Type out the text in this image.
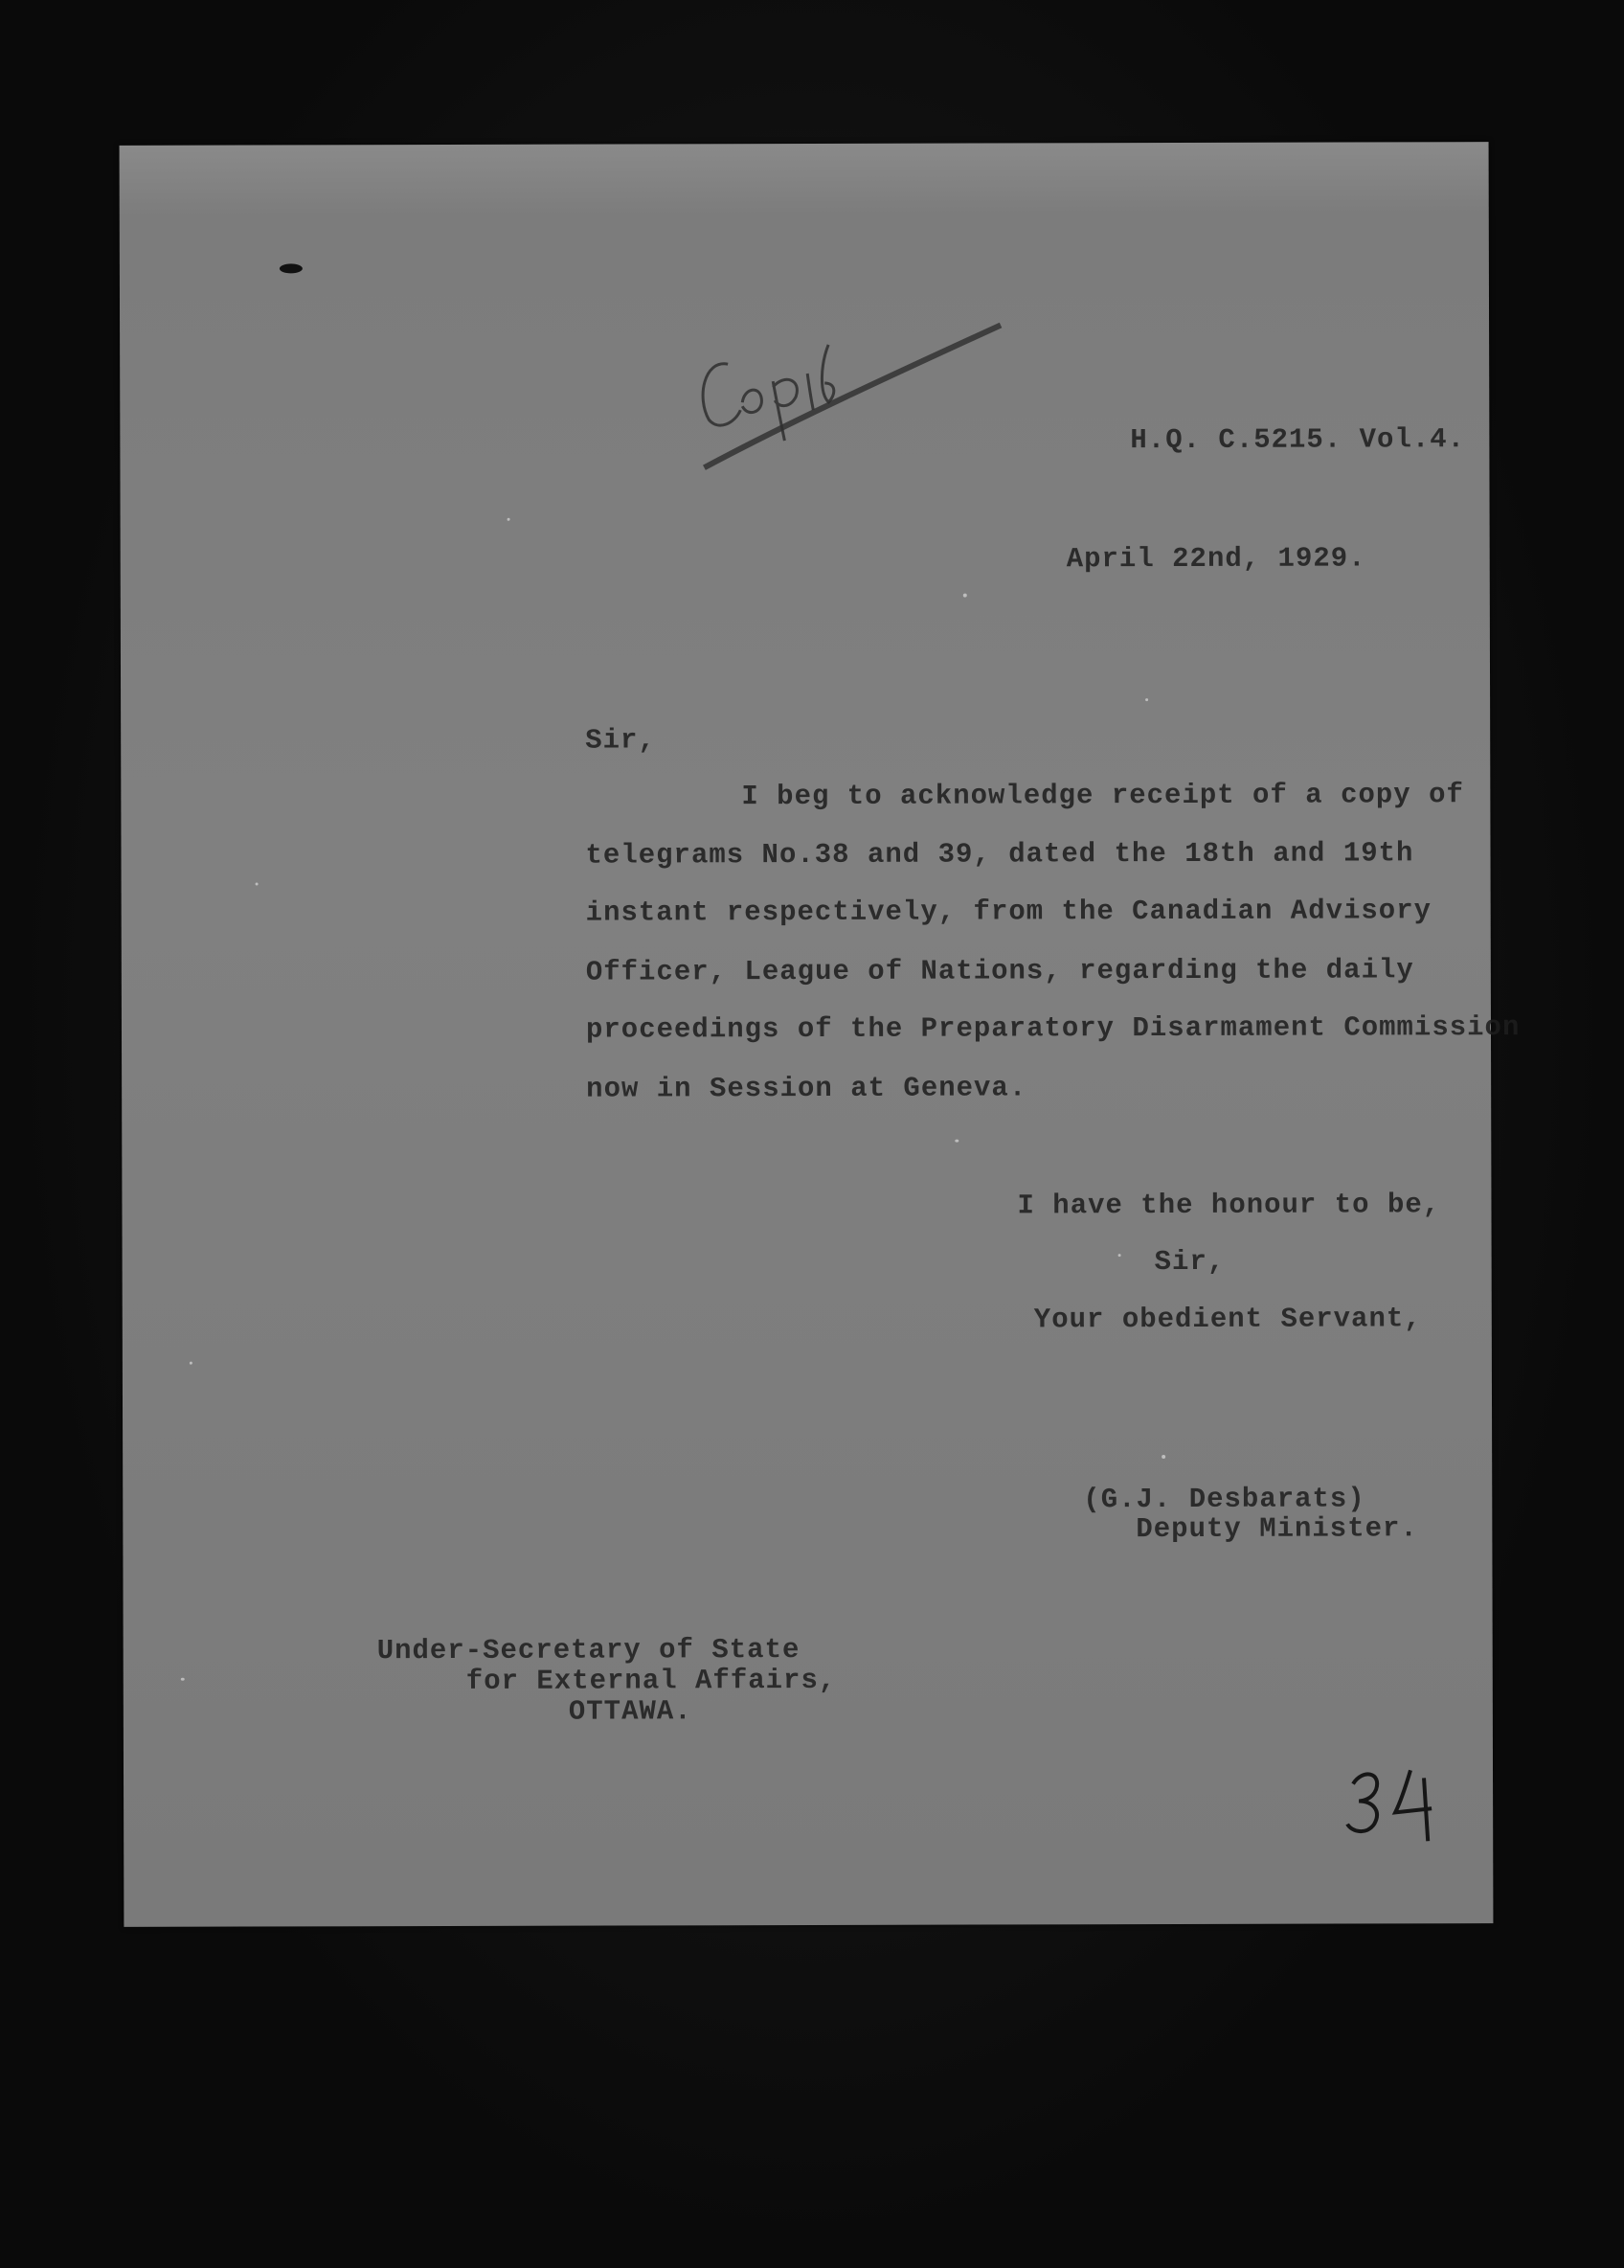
H.Q. C.5215. Vol.4.
April 22nd, 1929.
Sir,
I beg to acknowledge receipt of a copy of
telegrams No.38 and 39, dated the 18th and 19th
instant respectively, from the Canadian Advisory
Officer, League of Nations, regarding the daily
proceedings of the Preparatory Disarmament Commission
now in Session at Geneva.
I have the honour to be,
Sir,
Your obedient Servant,
(G.J. Desbarats)
Deputy Minister.
Under-Secretary of State
for External Affairs,
OTTAWA.
